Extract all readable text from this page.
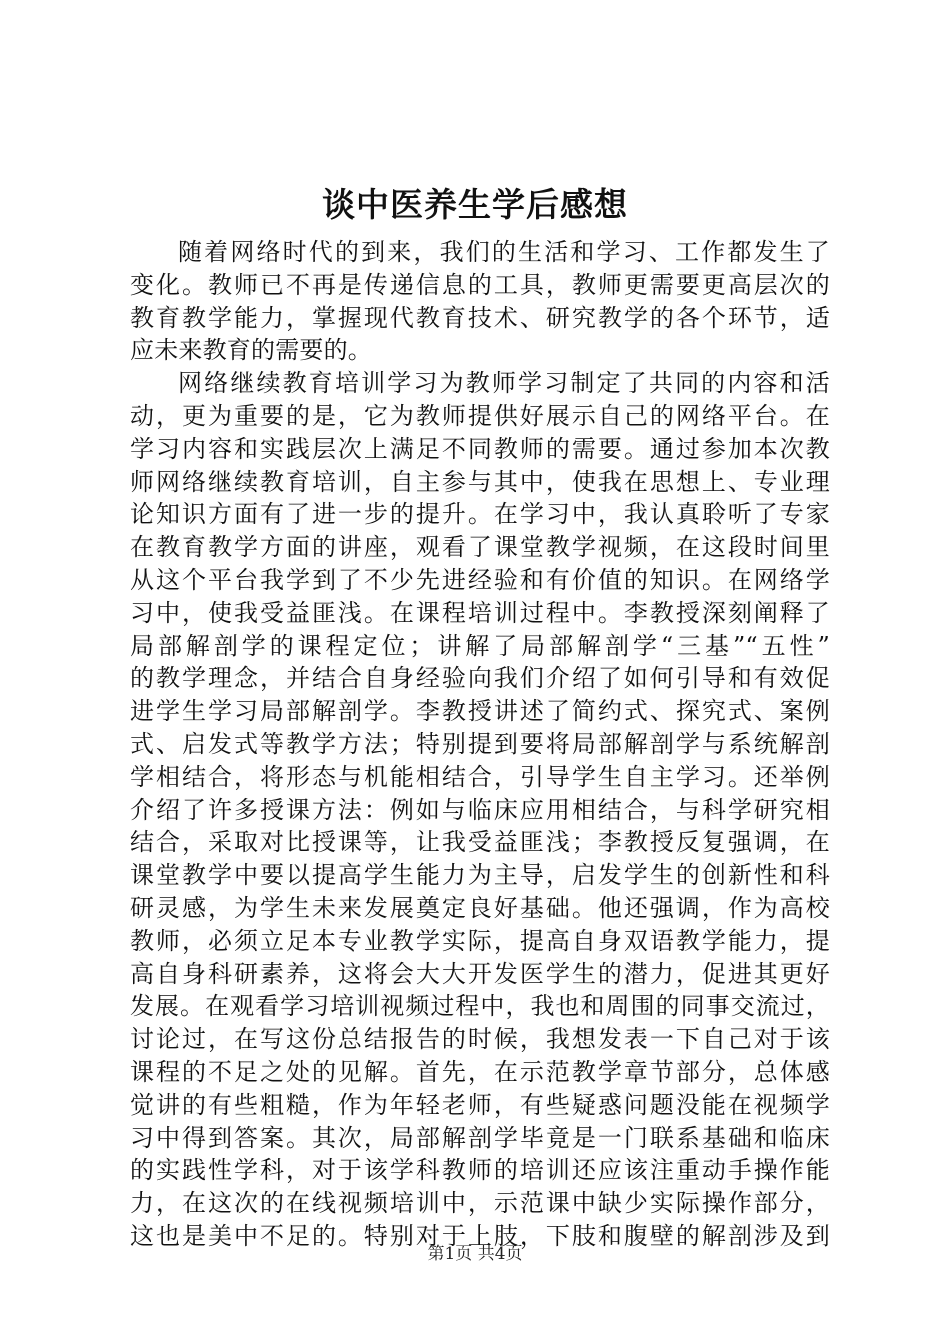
谈中医养生学后感想
随着网络时代的到来，我们的生活和学习、工作都发生了
变化。教师已不再是传递信息的工具，教师更需要更高层次的
教育教学能力，掌握现代教育技术、研究教学的各个环节，适
应未来教育的需要的。
网络继续教育培训学习为教师学习制定了共同的内容和活
动，更为重要的是，它为教师提供好展示自己的网络平台。在
学习内容和实践层次上满足不同教师的需要。通过参加本次教
师网络继续教育培训，自主参与其中，使我在思想上、专业理
论知识方面有了进一步的提升。在学习中，我认真聆听了专家
在教育教学方面的讲座，观看了课堂教学视频，在这段时间里
从这个平台我学到了不少先进经验和有价值的知识。在网络学
习中，使我受益匪浅。在课程培训过程中。李教授深刻阐释了
局部解剖学的课程定位；讲解了局部解剖学“三基”“五性”
的教学理念，并结合自身经验向我们介绍了如何引导和有效促
进学生学习局部解剖学。李教授讲述了简约式、探究式、案例
式、启发式等教学方法；特别提到要将局部解剖学与系统解剖
学相结合，将形态与机能相结合，引导学生自主学习。还举例
介绍了许多授课方法：例如与临床应用相结合，与科学研究相
结合，采取对比授课等，让我受益匪浅；李教授反复强调，在
课堂教学中要以提高学生能力为主导，启发学生的创新性和科
研灵感，为学生未来发展奠定良好基础。他还强调，作为高校
教师，必须立足本专业教学实际，提高自身双语教学能力，提
高自身科研素养，这将会大大开发医学生的潜力，促进其更好
发展。在观看学习培训视频过程中，我也和周围的同事交流过，
讨论过，在写这份总结报告的时候，我想发表一下自己对于该
课程的不足之处的见解。首先，在示范教学章节部分，总体感
觉讲的有些粗糙，作为年轻老师，有些疑惑问题没能在视频学
习中得到答案。其次，局部解剖学毕竟是一门联系基础和临床
的实践性学科，对于该学科教师的培训还应该注重动手操作能
力，在这次的在线视频培训中，示范课中缺少实际操作部分，
这也是美中不足的。特别对于上肢，下肢和腹壁的解剖涉及到
第1页 共4页
